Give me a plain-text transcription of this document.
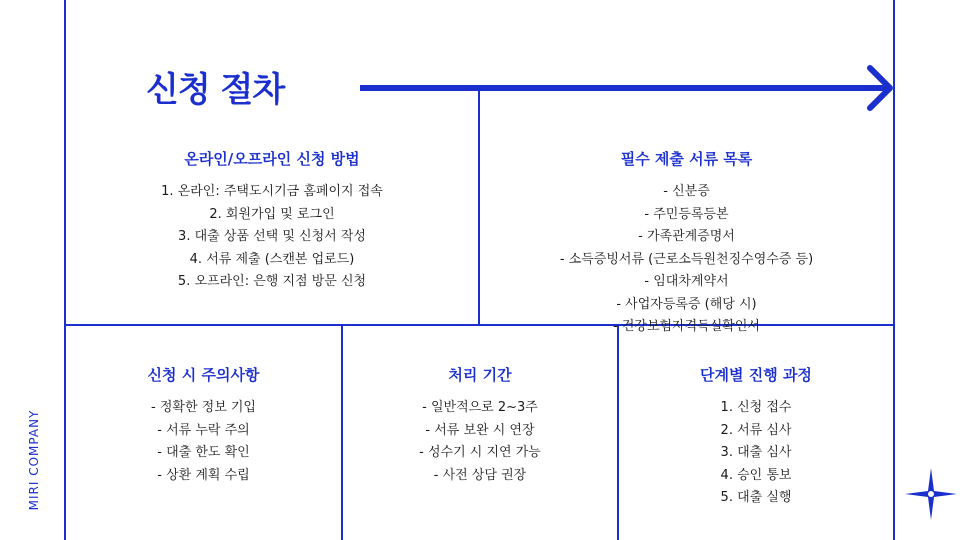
신청 절차
온라인/오프라인 신청 방법
1. 온라인: 주택도시기금 홈페이지 접속
2. 회원가입 및 로그인
3. 대출 상품 선택 및 신청서 작성
4. 서류 제출 (스캔본 업로드)
5. 오프라인: 은행 지점 방문 신청
필수 제출 서류 목록
- 신분증
- 주민등록등본
- 가족관계증명서
- 소득증빙서류 (근로소득원천징수영수증 등)
- 임대차계약서
- 사업자등록증 (해당 시)
- 건강보험자격득실확인서
신청 시 주의사항
- 정확한 정보 기입
- 서류 누락 주의
- 대출 한도 확인
- 상환 계획 수립
처리 기간
- 일반적으로 2~3주
- 서류 보완 시 연장
- 성수기 시 지연 가능
- 사전 상담 권장
단계별 진행 과정
1. 신청 접수
2. 서류 심사
3. 대출 심사
4. 승인 통보
5. 대출 실행
MIRI COMPANY
